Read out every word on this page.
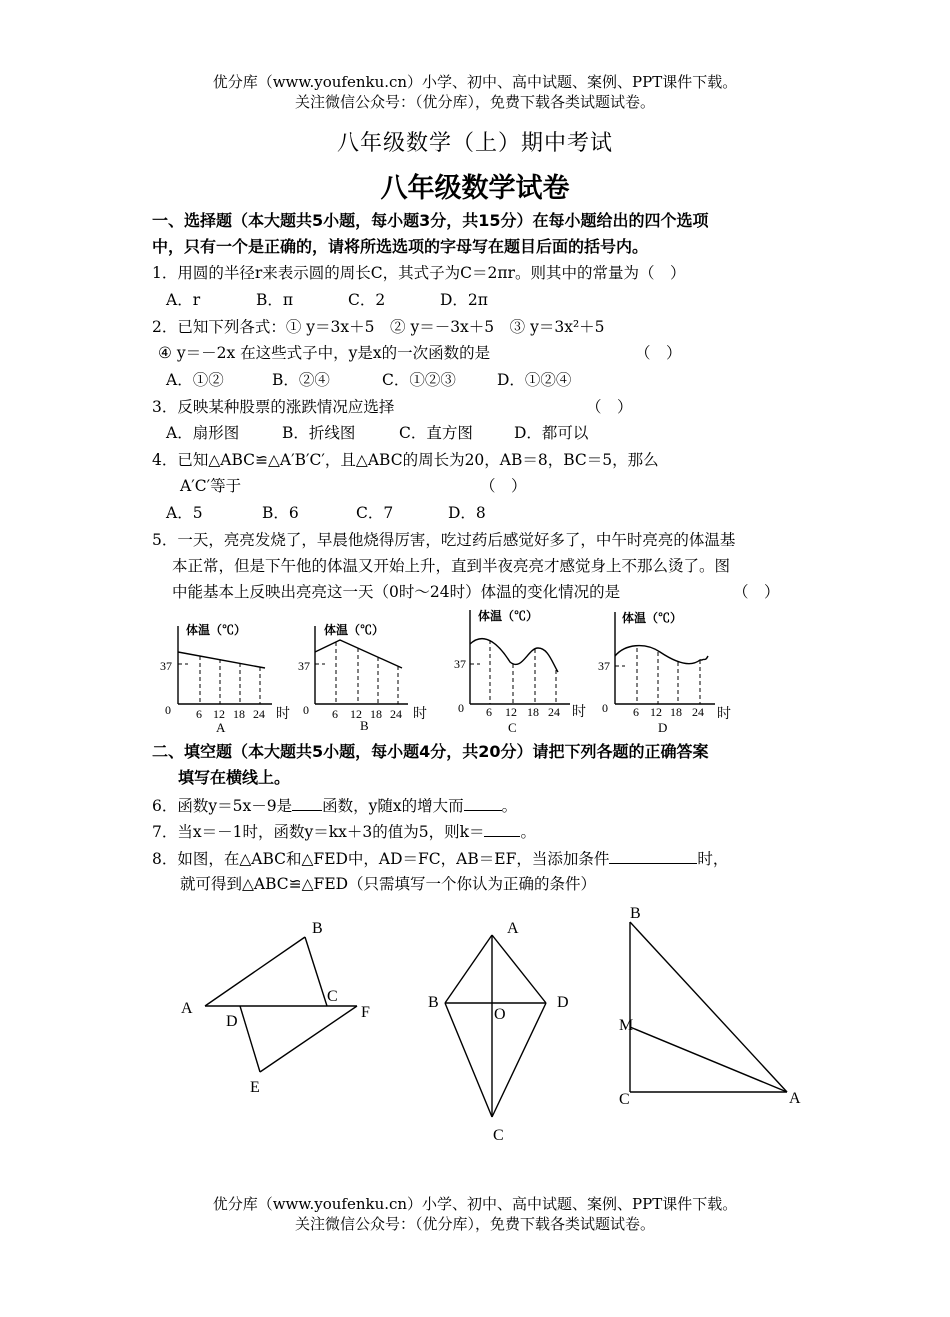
优分库（www.youfenku.cn）小学、初中、高中试题、案例、PPT课件下载。
关注微信公众号：（优分库），免费下载各类试题试卷。
八年级数学（上）期中考试
八年级数学试卷
一、选择题（本大题共5小题，每小题3分，共15分）在每小题给出的四个选项
中，只有一个是正确的，请将所选选项的字母写在题目后面的括号内。
1．用圆的半径r来表示圆的周长C，其式子为C＝2πr。则其中的常量为（　）
A．r	B．π	C．2	D．2π
2．已知下列各式：① y＝3x＋5　② y＝－3x＋5　③ y＝3x²＋5
④ y＝－2x 在这些式子中，y是x的一次函数的是	（　）
A．①②	B．②④	C．①②③	D．①②④
3．反映某种股票的涨跌情况应选择	（　）
A．扇形图	B．折线图	C．直方图	D．都可以
4．已知△ABC≌△A′B′C′，且△ABC的周长为20，AB＝8，BC＝5，那么
A′C′等于	（　）
A．5	B．6	C．7	D．8
5．一天，亮亮发烧了，早晨他烧得厉害，吃过药后感觉好多了，中午时亮亮的体温基
本正常，但是下午他的体温又开始上升，直到半夜亮亮才感觉身上不那么烫了。图
中能基本上反映出亮亮这一天（0时～24时）体温的变化情况的是	（　）
体温（℃）
37
0 6 12 18 24 时
A
体温（℃）
37
0 6 12 18 24 时
B
体温（℃）
37
0 6 12 18 24 时
C
体温（℃）
37
0 6 12 18 24 时
D
二、填空题（本大题共5小题，每小题4分，共20分）请把下列各题的正确答案
填写在横线上。
6．函数y＝5x－9是 函数，y随x的增大而 。
7．当x＝－1时，函数y＝kx＋3的值为5，则k＝ 。
8．如图，在△ABC和△FED中，AD＝FC，AB＝EF，当添加条件	时，
就可得到△ABC≌△FED（只需填写一个你认为正确的条件）
B
A
C
D
F
E
A
B	D
O
C
B
M
C	A
优分库（www.youfenku.cn）小学、初中、高中试题、案例、PPT课件下载。
关注微信公众号：（优分库），免费下载各类试题试卷。
